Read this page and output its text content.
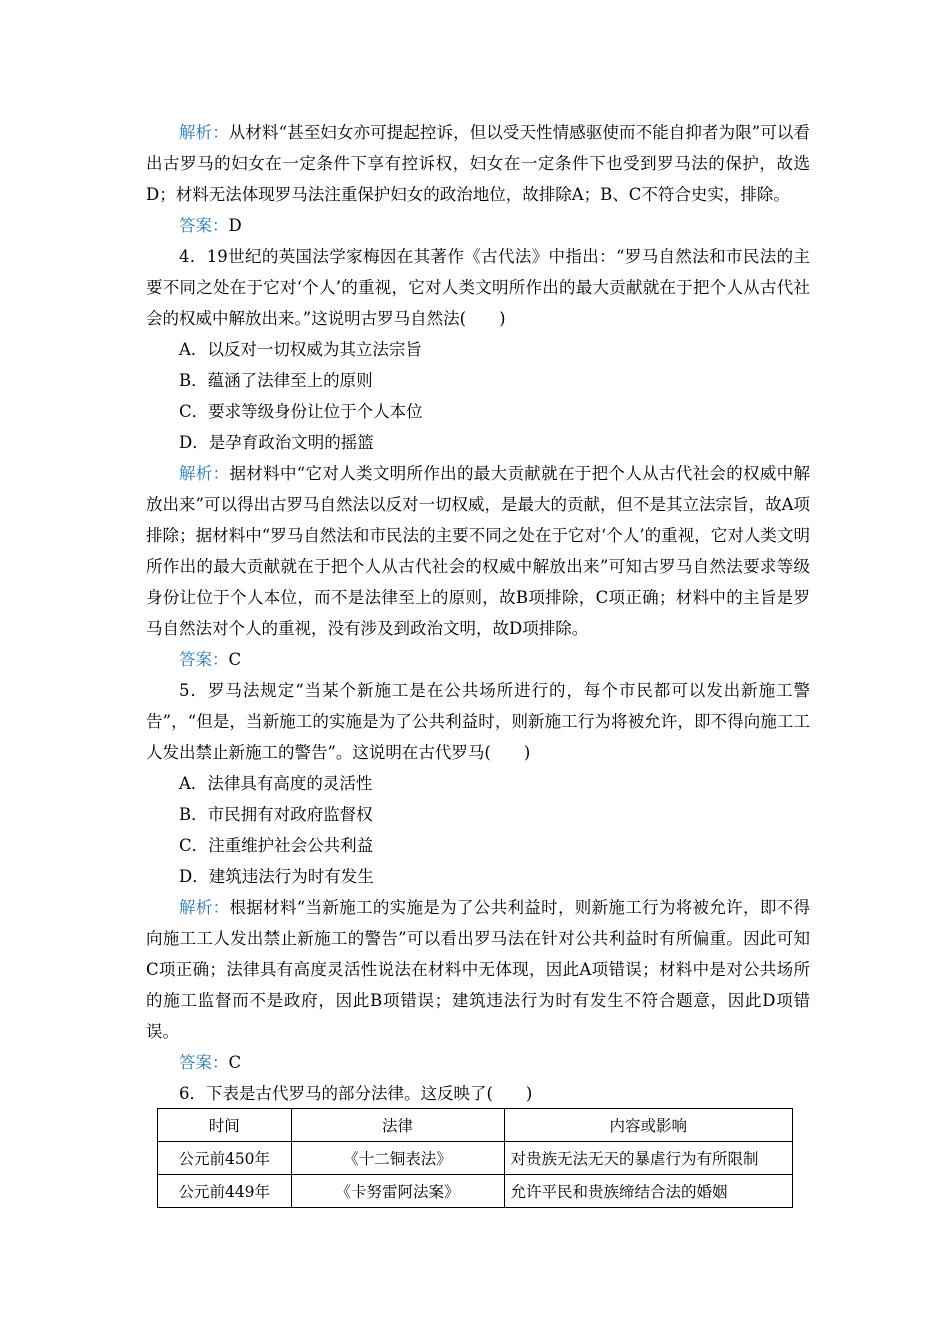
解析：从材料“甚至妇女亦可提起控诉，但以受天性情感驱使而不能自抑者为限”可以看出古罗马的妇女在一定条件下享有控诉权，妇女在一定条件下也受到罗马法的保护，故选D；材料无法体现罗马法注重保护妇女的政治地位，故排除A；B、C不符合史实，排除。

答案：D

4．19世纪的英国法学家梅因在其著作《古代法》中指出：“罗马自然法和市民法的主要不同之处在于它对‘个人’的重视，它对人类文明所作出的最大贡献就在于把个人从古代社会的权威中解放出来。”这说明古罗马自然法(　　)

A．以反对一切权威为其立法宗旨

B．蕴涵了法律至上的原则

C．要求等级身份让位于个人本位

D．是孕育政治文明的摇篮

解析：据材料中“它对人类文明所作出的最大贡献就在于把个人从古代社会的权威中解放出来”可以得出古罗马自然法以反对一切权威，是最大的贡献，但不是其立法宗旨，故A项排除；据材料中“罗马自然法和市民法的主要不同之处在于它对‘个人’的重视，它对人类文明所作出的最大贡献就在于把个人从古代社会的权威中解放出来”可知古罗马自然法要求等级身份让位于个人本位，而不是法律至上的原则，故B项排除，C项正确；材料中的主旨是罗马自然法对个人的重视，没有涉及到政治文明，故D项排除。

答案：C

5．罗马法规定“当某个新施工是在公共场所进行的，每个市民都可以发出新施工警告”，“但是，当新施工的实施是为了公共利益时，则新施工行为将被允许，即不得向施工工人发出禁止新施工的警告”。这说明在古代罗马(　　)

A．法律具有高度的灵活性

B．市民拥有对政府监督权

C．注重维护社会公共利益

D．建筑违法行为时有发生

解析：根据材料“当新施工的实施是为了公共利益时，则新施工行为将被允许，即不得向施工工人发出禁止新施工的警告”可以看出罗马法在针对公共利益时有所偏重。因此可知C项正确；法律具有高度灵活性说法在材料中无体现，因此A项错误；材料中是对公共场所的施工监督而不是政府，因此B项错误；建筑违法行为时有发生不符合题意，因此D项错误。

答案：C

6．下表是古代罗马的部分法律。这反映了(　　)

时间	法律	内容或影响
公元前450年	《十二铜表法》	对贵族无法无天的暴虐行为有所限制
公元前449年	《卡努雷阿法案》	允许平民和贵族缔结合法的婚姻
